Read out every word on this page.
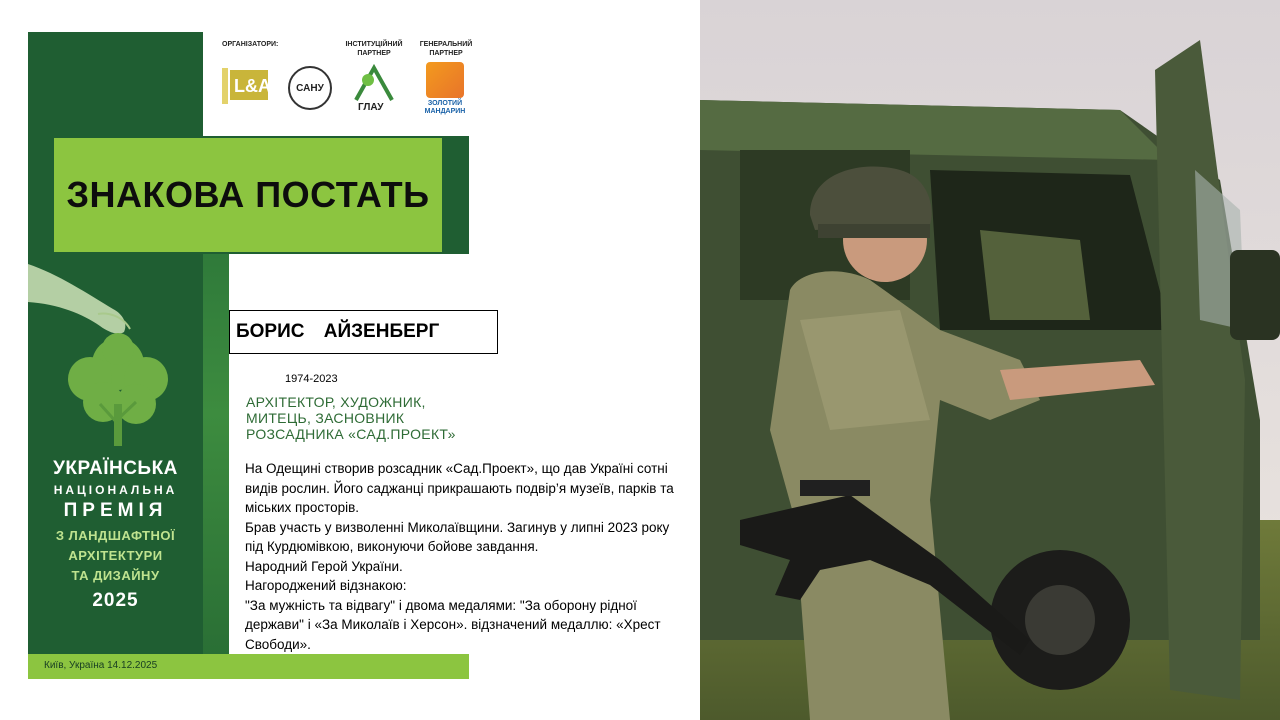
ЗНАКОВА ПОСТАТЬ
УКРАЇНСЬКА
НАЦІОНАЛЬНА
ПРЕМІЯ
З ЛАНДШАФТНОЇ
АРХІТЕКТУРИ
ТА ДИЗАЙНУ
2025
Київ, Україна 14.12.2025
ОРГАНІЗАТОРИ:	ІНСТИТУЦІЙНИЙ ПАРТНЕР
ГЕНЕРАЛЬНИЙ ПАРТНЕР
L&A	САНУ
ГЛАУ	ЗОЛОТИЙ МАНДАРИН
БОРИС АЙЗЕНБЕРГ
1974-2023
АРХІТЕКТОР, ХУДОЖНИК, МИТЕЦЬ, ЗАСНОВНИК РОЗСАДНИКА «САД.ПРОЕКТ»

На Одещині створив розсадник «Сад.Проект», що дав Україні сотні видів рослин. Його саджанці прикрашають подвір’я музеїв, парків та міських просторів.

Брав участь у визволенні Миколаївщини. Загинув у липні 2023 року під Курдюмівкою, виконуючи бойове завдання.

Народний Герой України.

Нагороджений відзнакою:

"За мужність та відвагу" і двома медалями: "За оборону рідної держави" і «За Миколаїв і Херсон». відзначений медаллю: «Хрест Свободи».
